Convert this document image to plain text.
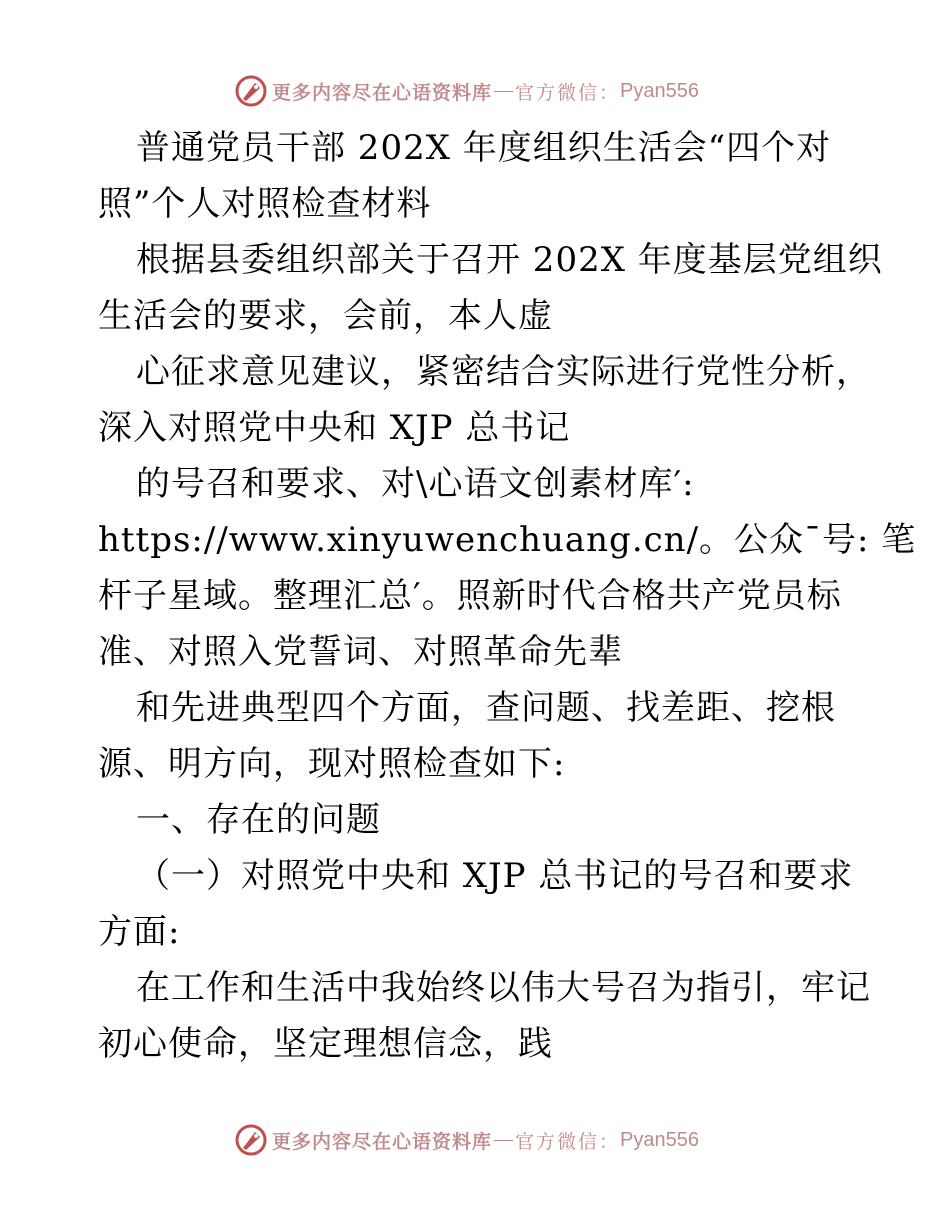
更多内容尽在心语资料库 — 官方微信： Pyan556
普通党员干部 202X 年度组织生活会“四个对
照”个人对照检查材料
根据县委组织部关于召开 202X 年度基层党组织
生活会的要求，会前，本人虚
心征求意见建议，紧密结合实际进行党性分析，
深入对照党中央和 XJP 总书记
的号召和要求、对\心语文创素材库′:
https://www.xinyuwenchuang.cn/。公众¯号: 笔
杆子星域。整理汇总′。照新时代合格共产党员标
准、对照入党誓词、对照革命先辈
和先进典型四个方面，查问题、找差距、挖根
源、明方向，现对照检查如下:
一、存在的问题
（一）对照党中央和 XJP 总书记的号召和要求
方面:
在工作和生活中我始终以伟大号召为指引，牢记
初心使命，坚定理想信念，践
更多内容尽在心语资料库 — 官方微信： Pyan556
